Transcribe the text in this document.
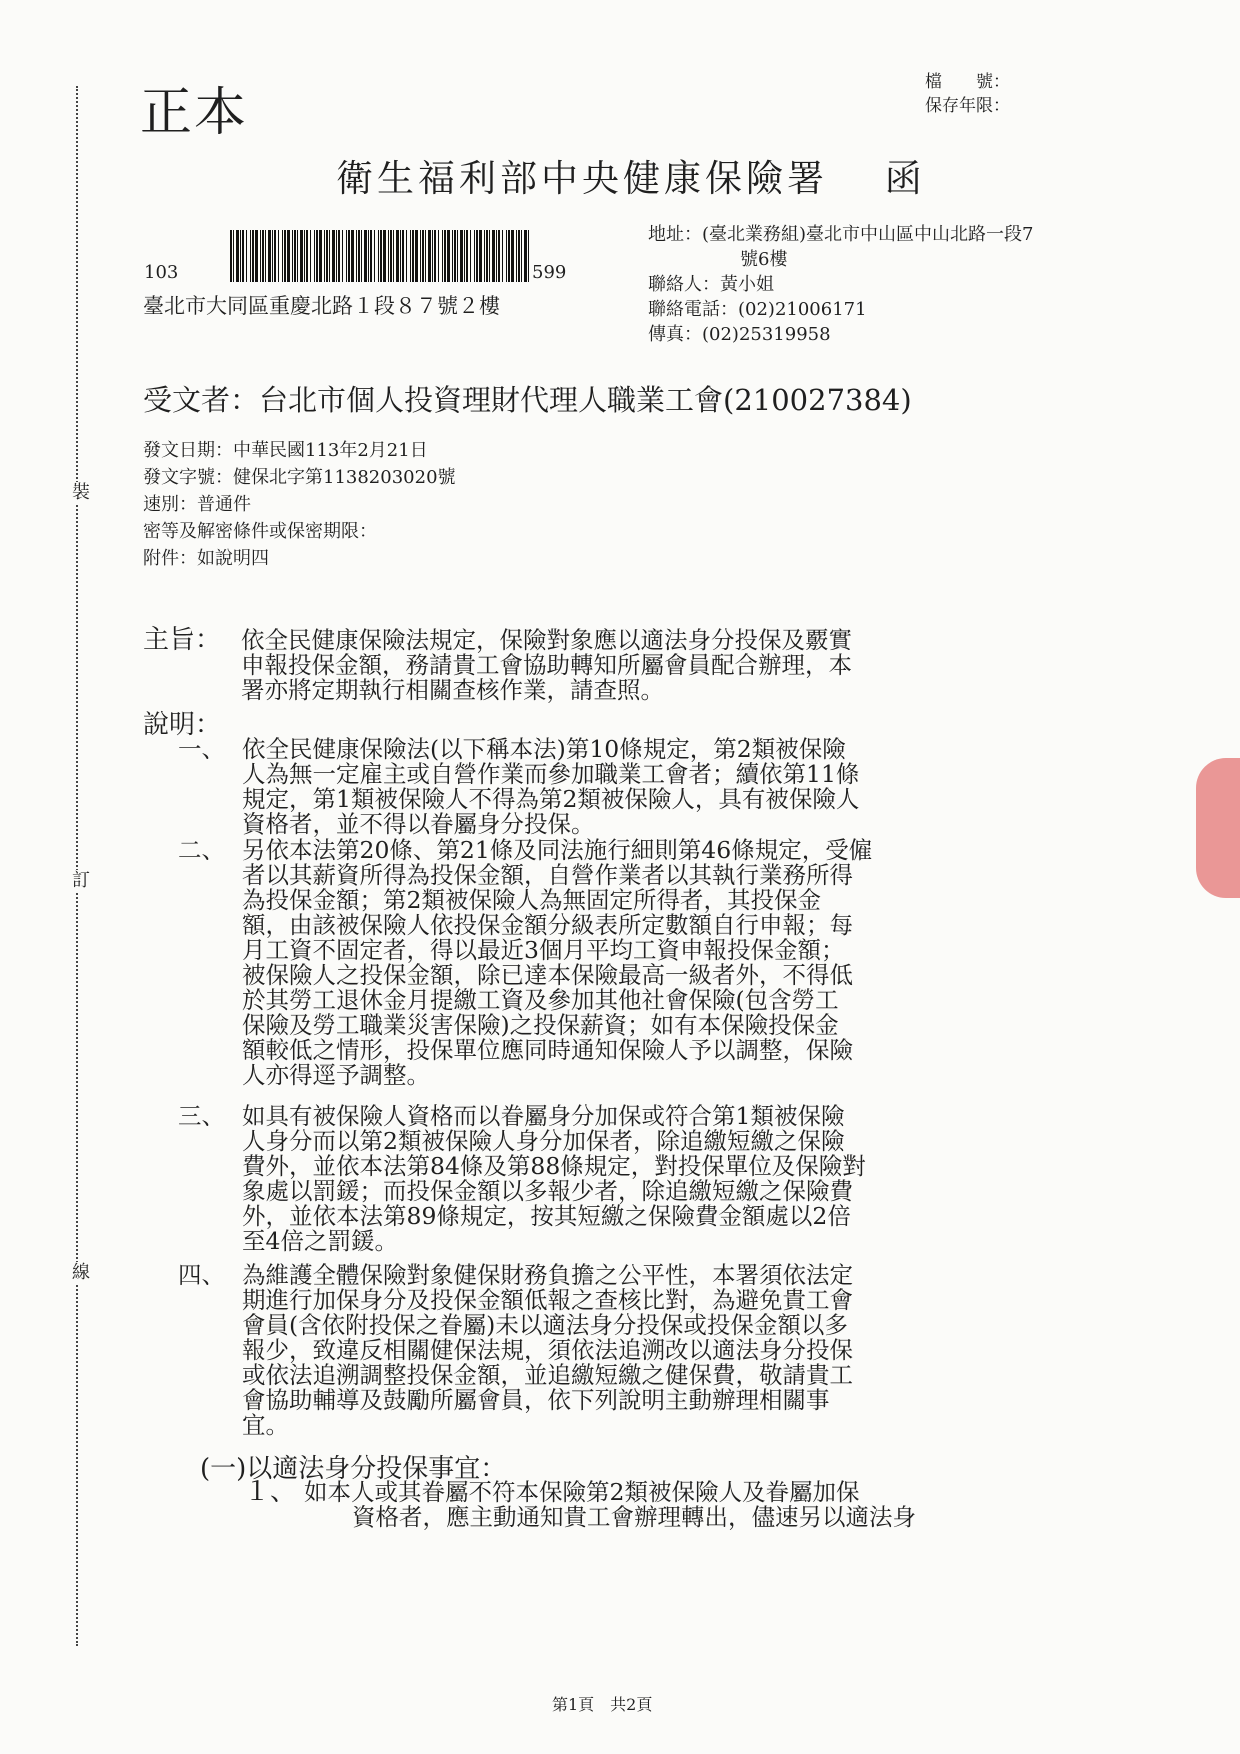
裝
訂
線
正本
檔　　號：
保存年限：
衛生福利部中央健康保險署　 函
103	599
臺北市大同區重慶北路１段８７號２樓
地址：(臺北業務組)臺北市中山區中山北路一段7
號6樓
聯絡人：黃小姐
聯絡電話：(02)21006171
傳真：(02)25319958
受文者：台北市個人投資理財代理人職業工會(210027384)
發文日期：中華民國113年2月21日
發文字號：健保北字第1138203020號
速別：普通件
密等及解密條件或保密期限：
附件：如說明四
主旨： 依全民健康保險法規定，保險對象應以適法身分投保及覈實
申報投保金額，務請貴工會協助轉知所屬會員配合辦理，本
署亦將定期執行相關查核作業，請查照。
說明：
一、 依全民健康保險法(以下稱本法)第10條規定，第2類被保險
人為無一定雇主或自營作業而參加職業工會者；續依第11條
規定，第1類被保險人不得為第2類被保險人，具有被保險人
資格者，並不得以眷屬身分投保。
二、 另依本法第20條、第21條及同法施行細則第46條規定，受僱
者以其薪資所得為投保金額，自營作業者以其執行業務所得
為投保金額；第2類被保險人為無固定所得者，其投保金
額，由該被保險人依投保金額分級表所定數額自行申報；每
月工資不固定者，得以最近3個月平均工資申報投保金額；
被保險人之投保金額，除已達本保險最高一級者外，不得低
於其勞工退休金月提繳工資及參加其他社會保險(包含勞工
保險及勞工職業災害保險)之投保薪資；如有本保險投保金
額較低之情形，投保單位應同時通知保險人予以調整，保險
人亦得逕予調整。
三、 如具有被保險人資格而以眷屬身分加保或符合第1類被保險
人身分而以第2類被保險人身分加保者，除追繳短繳之保險
費外，並依本法第84條及第88條規定，對投保單位及保險對
象處以罰鍰；而投保金額以多報少者，除追繳短繳之保險費
外，並依本法第89條規定，按其短繳之保險費金額處以2倍
至4倍之罰鍰。
四、 為維護全體保險對象健保財務負擔之公平性，本署須依法定
期進行加保身分及投保金額低報之查核比對，為避免貴工會
會員(含依附投保之眷屬)未以適法身分投保或投保金額以多
報少，致違反相關健保法規，須依法追溯改以適法身分投保
或依法追溯調整投保金額，並追繳短繳之健保費，敬請貴工
會協助輔導及鼓勵所屬會員，依下列說明主動辦理相關事
宜。
(一)以適法身分投保事宜：
１、 如本人或其眷屬不符本保險第2類被保險人及眷屬加保
資格者，應主動通知貴工會辦理轉出，儘速另以適法身
第1頁　共2頁
